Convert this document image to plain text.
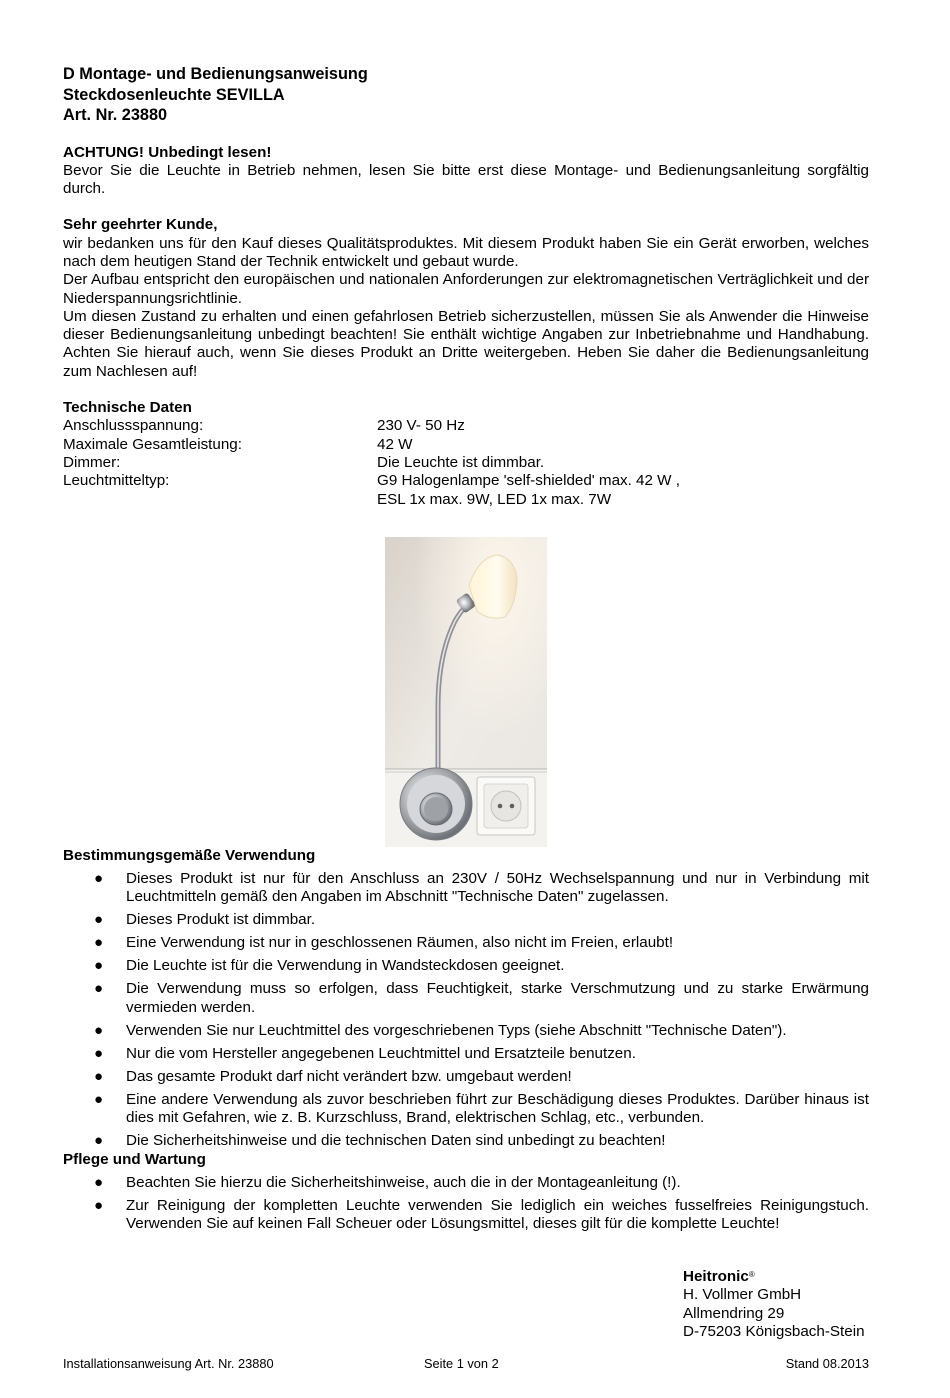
D Montage- und Bedienungsanweisung
Steckdosenleuchte SEVILLA
Art. Nr. 23880
ACHTUNG! Unbedingt lesen!
Bevor Sie die Leuchte in Betrieb nehmen, lesen Sie bitte erst diese Montage- und Bedienungsanleitung sorgfältig durch.
Sehr geehrter Kunde,
wir bedanken uns für den Kauf dieses Qualitätsproduktes. Mit diesem Produkt haben Sie ein Gerät erworben, welches nach dem heutigen Stand der Technik entwickelt und gebaut wurde.
Der Aufbau entspricht den europäischen und nationalen Anforderungen zur elektromagnetischen Verträglichkeit und der Niederspannungsrichtlinie.
Um diesen Zustand zu erhalten und einen gefahrlosen Betrieb sicherzustellen, müssen Sie als Anwender die Hinweise dieser Bedienungsanleitung unbedingt beachten! Sie enthält wichtige Angaben zur Inbetriebnahme und Handhabung. Achten Sie hierauf auch, wenn Sie dieses Produkt an Dritte weitergeben. Heben Sie daher die Bedienungsanleitung zum Nachlesen auf!
Technische Daten
Anschlussspannung:	230 V- 50 Hz
Maximale Gesamtleistung:	42 W
Dimmer:	Die Leuchte ist dimmbar.
Leuchtmitteltyp:	G9 Halogenlampe 'self-shielded' max. 42 W ,
ESL 1x max. 9W, LED 1x max. 7W
Bestimmungsgemäße Verwendung
● Dieses Produkt ist nur für den Anschluss an 230V / 50Hz Wechselspannung und nur in Verbindung mit Leuchtmitteln gemäß den Angaben im Abschnitt "Technische Daten" zugelassen.
● Dieses Produkt ist dimmbar.
● Eine Verwendung ist nur in geschlossenen Räumen, also nicht im Freien, erlaubt!
● Die Leuchte ist für die Verwendung in Wandsteckdosen geeignet.
● Die Verwendung muss so erfolgen, dass Feuchtigkeit, starke Verschmutzung und zu starke Erwärmung vermieden werden.
● Verwenden Sie nur Leuchtmittel des vorgeschriebenen Typs (siehe Abschnitt "Technische Daten").
● Nur die vom Hersteller angegebenen Leuchtmittel und Ersatzteile benutzen.
● Das gesamte Produkt darf nicht verändert bzw. umgebaut werden!
● Eine andere Verwendung als zuvor beschrieben führt zur Beschädigung dieses Produktes. Darüber hinaus ist dies mit Gefahren, wie z. B. Kurzschluss, Brand, elektrischen Schlag, etc., verbunden.
● Die Sicherheitshinweise und die technischen Daten sind unbedingt zu beachten!
Pflege und Wartung
● Beachten Sie hierzu die Sicherheitshinweise, auch die in der Montageanleitung (!).
● Zur Reinigung der kompletten Leuchte verwenden Sie lediglich ein weiches fusselfreies Reinigungstuch. Verwenden Sie auf keinen Fall Scheuer oder Lösungsmittel, dieses gilt für die komplette Leuchte!
Heitronic®
H. Vollmer GmbH
Allmendring 29
D-75203 Königsbach-Stein
Installationsanweisung Art. Nr. 23880	Seite 1 von 2	Stand 08.2013
